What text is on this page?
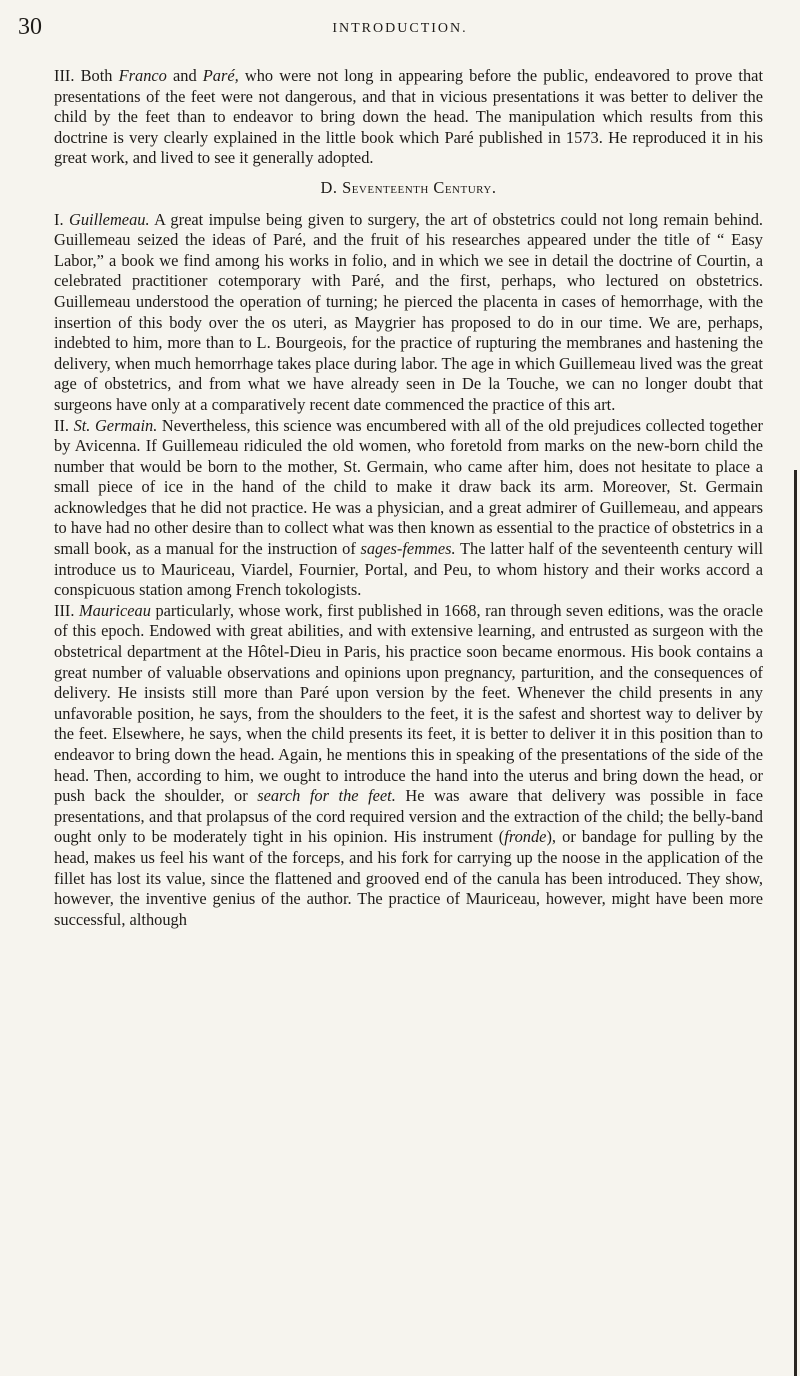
30	INTRODUCTION.

III. Both Franco and Paré, who were not long in appearing before the public, endeavored to prove that presentations of the feet were not dangerous, and that in vicious presentations it was better to deliver the child by the feet than to endeavor to bring down the head. The manipulation which results from this doctrine is very clearly explained in the little book which Paré published in 1573. He reproduced it in his great work, and lived to see it generally adopted.

D. Seventeenth Century.

I. Guillemeau. A great impulse being given to surgery, the art of obstetrics could not long remain behind. Guillemeau seized the ideas of Paré, and the fruit of his researches appeared under the title of “ Easy Labor,” a book we find among his works in folio, and in which we see in detail the doctrine of Courtin, a celebrated practitioner cotemporary with Paré, and the first, perhaps, who lectured on obstetrics. Guillemeau understood the operation of turning; he pierced the placenta in cases of hemorrhage, with the insertion of this body over the os uteri, as Maygrier has proposed to do in our time. We are, perhaps, indebted to him, more than to L. Bourgeois, for the practice of rupturing the membranes and hastening the delivery, when much hemorrhage takes place during labor. The age in which Guillemeau lived was the great age of obstetrics, and from what we have already seen in De la Touche, we can no longer doubt that surgeons have only at a comparatively recent date commenced the practice of this art.

II. St. Germain. Nevertheless, this science was encumbered with all of the old prejudices collected together by Avicenna. If Guillemeau ridiculed the old women, who foretold from marks on the new-born child the number that would be born to the mother, St. Germain, who came after him, does not hesitate to place a small piece of ice in the hand of the child to make it draw back its arm. Moreover, St. Germain acknowledges that he did not practice. He was a physician, and a great admirer of Guillemeau, and appears to have had no other desire than to collect what was then known as essential to the practice of obstetrics in a small book, as a manual for the instruction of sages-femmes. The latter half of the seventeenth century will introduce us to Mauriceau, Viardel, Fournier, Portal, and Peu, to whom history and their works accord a conspicuous station among French tokologists.

III. Mauriceau particularly, whose work, first published in 1668, ran through seven editions, was the oracle of this epoch. Endowed with great abilities, and with extensive learning, and entrusted as surgeon with the obstetrical department at the Hôtel-Dieu in Paris, his practice soon became enormous. His book contains a great number of valuable observations and opinions upon pregnancy, parturition, and the consequences of delivery. He insists still more than Paré upon version by the feet. Whenever the child presents in any unfavorable position, he says, from the shoulders to the feet, it is the safest and shortest way to deliver by the feet. Elsewhere, he says, when the child presents its feet, it is better to deliver it in this position than to endeavor to bring down the head. Again, he mentions this in speaking of the presentations of the side of the head. Then, according to him, we ought to introduce the hand into the uterus and bring down the head, or push back the shoulder, or search for the feet. He was aware that delivery was possible in face presentations, and that prolapsus of the cord required version and the extraction of the child; the belly-band ought only to be moderately tight in his opinion. His instrument (fronde), or bandage for pulling by the head, makes us feel his want of the forceps, and his fork for carrying up the noose in the application of the fillet has lost its value, since the flattened and grooved end of the canula has been introduced. They show, however, the inventive genius of the author. The practice of Mauriceau, however, might have been more successful, although
